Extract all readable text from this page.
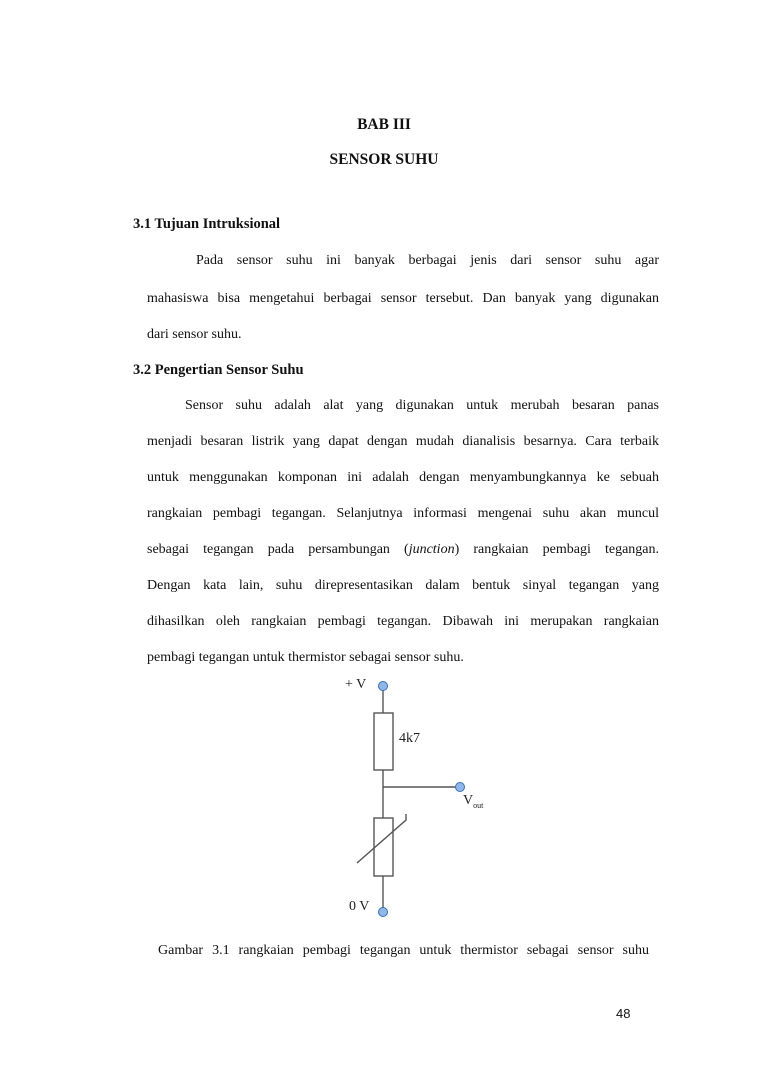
BAB III
SENSOR SUHU
3.1 Tujuan Intruksional
Pada sensor suhu ini banyak berbagai jenis dari sensor suhu agar
mahasiswa bisa mengetahui berbagai sensor tersebut. Dan banyak yang digunakan
dari sensor suhu.
3.2 Pengertian Sensor Suhu
Sensor suhu adalah alat yang digunakan untuk merubah besaran panas
menjadi besaran listrik yang dapat dengan mudah dianalisis besarnya. Cara terbaik
untuk menggunakan komponan ini adalah dengan menyambungkannya ke sebuah
rangkaian pembagi tegangan. Selanjutnya informasi mengenai suhu akan muncul
sebagai tegangan pada persambungan (junction) rangkaian pembagi tegangan.
Dengan kata lain, suhu direpresentasikan dalam bentuk sinyal tegangan yang
dihasilkan oleh rangkaian pembagi tegangan. Dibawah ini merupakan rangkaian
pembagi tegangan untuk thermistor sebagai sensor suhu.
+ V
4k7
$V_{out}$
0 V
Gambar 3.1 rangkaian pembagi tegangan untuk thermistor sebagai sensor suhu
48
